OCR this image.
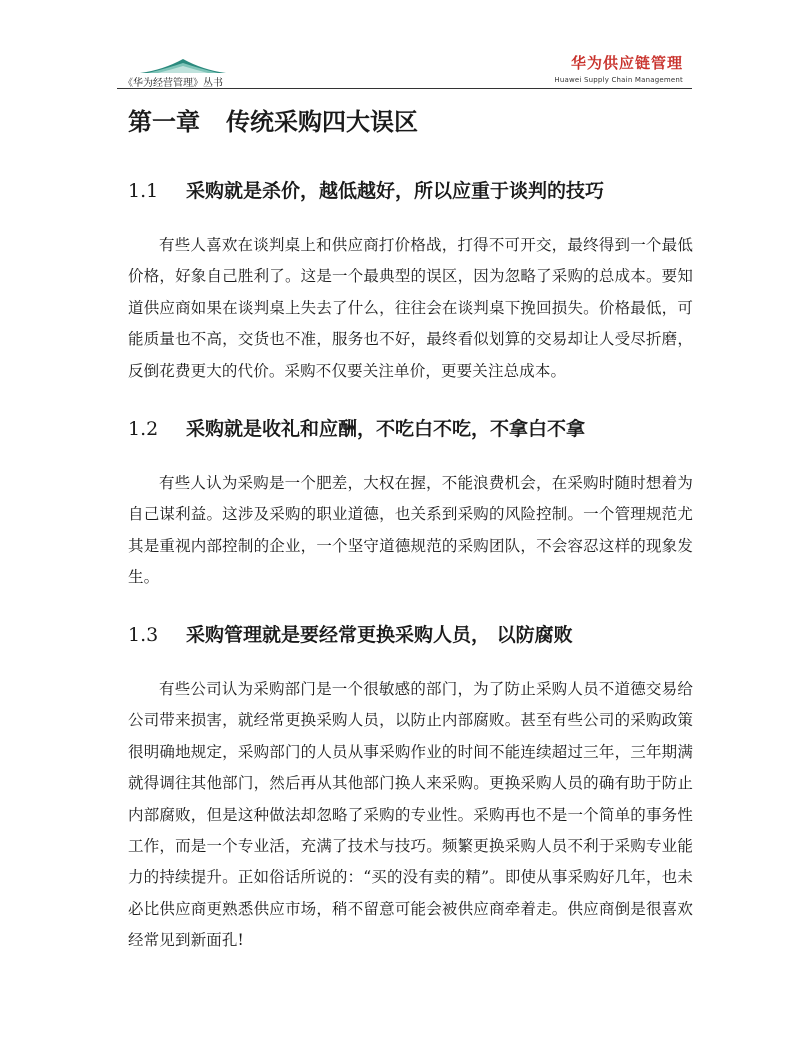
《华为经营管理》丛书
华为供应链管理
Huawei Supply Chain Management
第一章 传统采购四大误区
1.1 采购就是杀价，越低越好，所以应重于谈判的技巧

有些人喜欢在谈判桌上和供应商打价格战，打得不可开交，最终得到一个最低价格，好象自己胜利了。这是一个最典型的误区，因为忽略了采购的总成本。要知道供应商如果在谈判桌上失去了什么，往往会在谈判桌下挽回损失。价格最低，可能质量也不高，交货也不准，服务也不好，最终看似划算的交易却让人受尽折磨，反倒花费更大的代价。采购不仅要关注单价，更要关注总成本。

1.2 采购就是收礼和应酬，不吃白不吃，不拿白不拿

有些人认为采购是一个肥差，大权在握，不能浪费机会，在采购时随时想着为自己谋利益。这涉及采购的职业道德，也关系到采购的风险控制。一个管理规范尤其是重视内部控制的企业，一个坚守道德规范的采购团队，不会容忍这样的现象发生。

1.3 采购管理就是要经常更换采购人员， 以防腐败

有些公司认为采购部门是一个很敏感的部门，为了防止采购人员不道德交易给公司带来损害，就经常更换采购人员，以防止内部腐败。甚至有些公司的采购政策很明确地规定，采购部门的人员从事采购作业的时间不能连续超过三年，三年期满就得调往其他部门，然后再从其他部门换人来采购。更换采购人员的确有助于防止内部腐败，但是这种做法却忽略了采购的专业性。采购再也不是一个简单的事务性工作，而是一个专业活，充满了技术与技巧。频繁更换采购人员不利于采购专业能力的持续提升。正如俗话所说的：“买的没有卖的精”。即使从事采购好几年，也未必比供应商更熟悉供应市场，稍不留意可能会被供应商牵着走。供应商倒是很喜欢经常见到新面孔!
